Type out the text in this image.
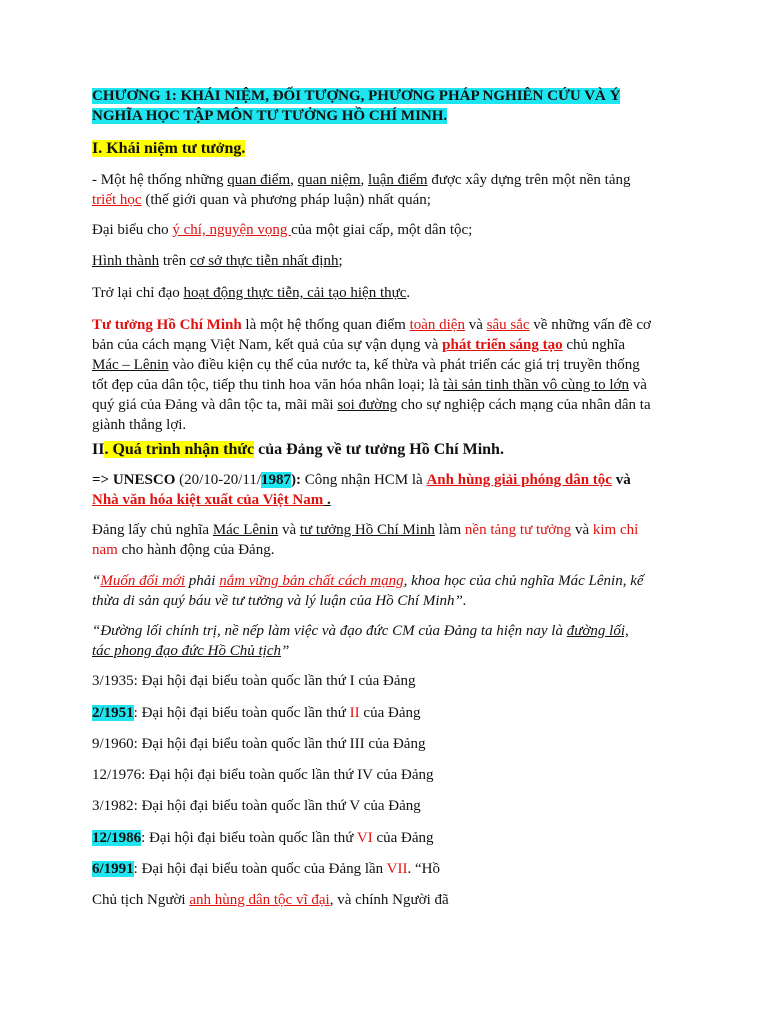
CHƯƠNG 1: KHÁI NIỆM, ĐỐI TƯỢNG, PHƯƠNG PHÁP NGHIÊN CỨU VÀ Ý
NGHĨA HỌC TẬP MÔN TƯ TƯỞNG HỒ CHÍ MINH.

I. Khái niệm tư tưởng.

- Một hệ thống những quan điểm, quan niệm, luận điểm được xây dựng trên một nền tảng
triết học (thế giới quan và phương pháp luận) nhất quán;

Đại biểu cho ý chí, nguyện vọng của một giai cấp, một dân tộc;

Hình thành trên cơ sở thực tiễn nhất định;

Trở lại chỉ đạo hoạt động thực tiễn, cải tạo hiện thực.

Tư tưởng Hồ Chí Minh là một hệ thống quan điểm toàn diện và sâu sắc về những vấn đề cơ
bản của cách mạng Việt Nam, kết quả của sự vận dụng và phát triển sáng tạo chủ nghĩa
Mác – Lênin vào điều kiện cụ thể của nước ta, kế thừa và phát triển các giá trị truyền thống
tốt đẹp của dân tộc, tiếp thu tinh hoa văn hóa nhân loại; là tài sản tinh thần vô cùng to lớn và
quý giá của Đảng và dân tộc ta, mãi mãi soi đường cho sự nghiệp cách mạng của nhân dân ta
giành thắng lợi.

II. Quá trình nhận thức của Đảng về tư tưởng Hồ Chí Minh.

=> UNESCO (20/10-20/11/1987): Công nhận HCM là Anh hùng giải phóng dân tộc và
Nhà văn hóa kiệt xuất của Việt Nam .

Đảng lấy chủ nghĩa Mác Lênin và tư tưởng Hồ Chí Minh làm nền tảng tư tưởng và kim chỉ
nam cho hành động của Đảng.

“Muốn đổi mới phải nắm vững bản chất cách mạng, khoa học của chủ nghĩa Mác Lênin, kế
thừa di sản quý báu về tư tưởng và lý luận của Hồ Chí Minh”.

“Đường lối chính trị, nề nếp làm việc và đạo đức CM của Đảng ta hiện nay là đường lối,
tác phong đạo đức Hồ Chủ tịch”

3/1935: Đại hội đại biểu toàn quốc lần thứ I của Đảng

2/1951: Đại hội đại biểu toàn quốc lần thứ II của Đảng

9/1960: Đại hội đại biểu toàn quốc lần thứ III của Đảng

12/1976: Đại hội đại biểu toàn quốc lần thứ IV của Đảng

3/1982: Đại hội đại biểu toàn quốc lần thứ V của Đảng

12/1986: Đại hội đại biểu toàn quốc lần thứ VI của Đảng

6/1991: Đại hội đại biểu toàn quốc của Đảng lần VII. “Hồ

Chủ tịch Người anh hùng dân tộc vĩ đại, và chính Người đã
